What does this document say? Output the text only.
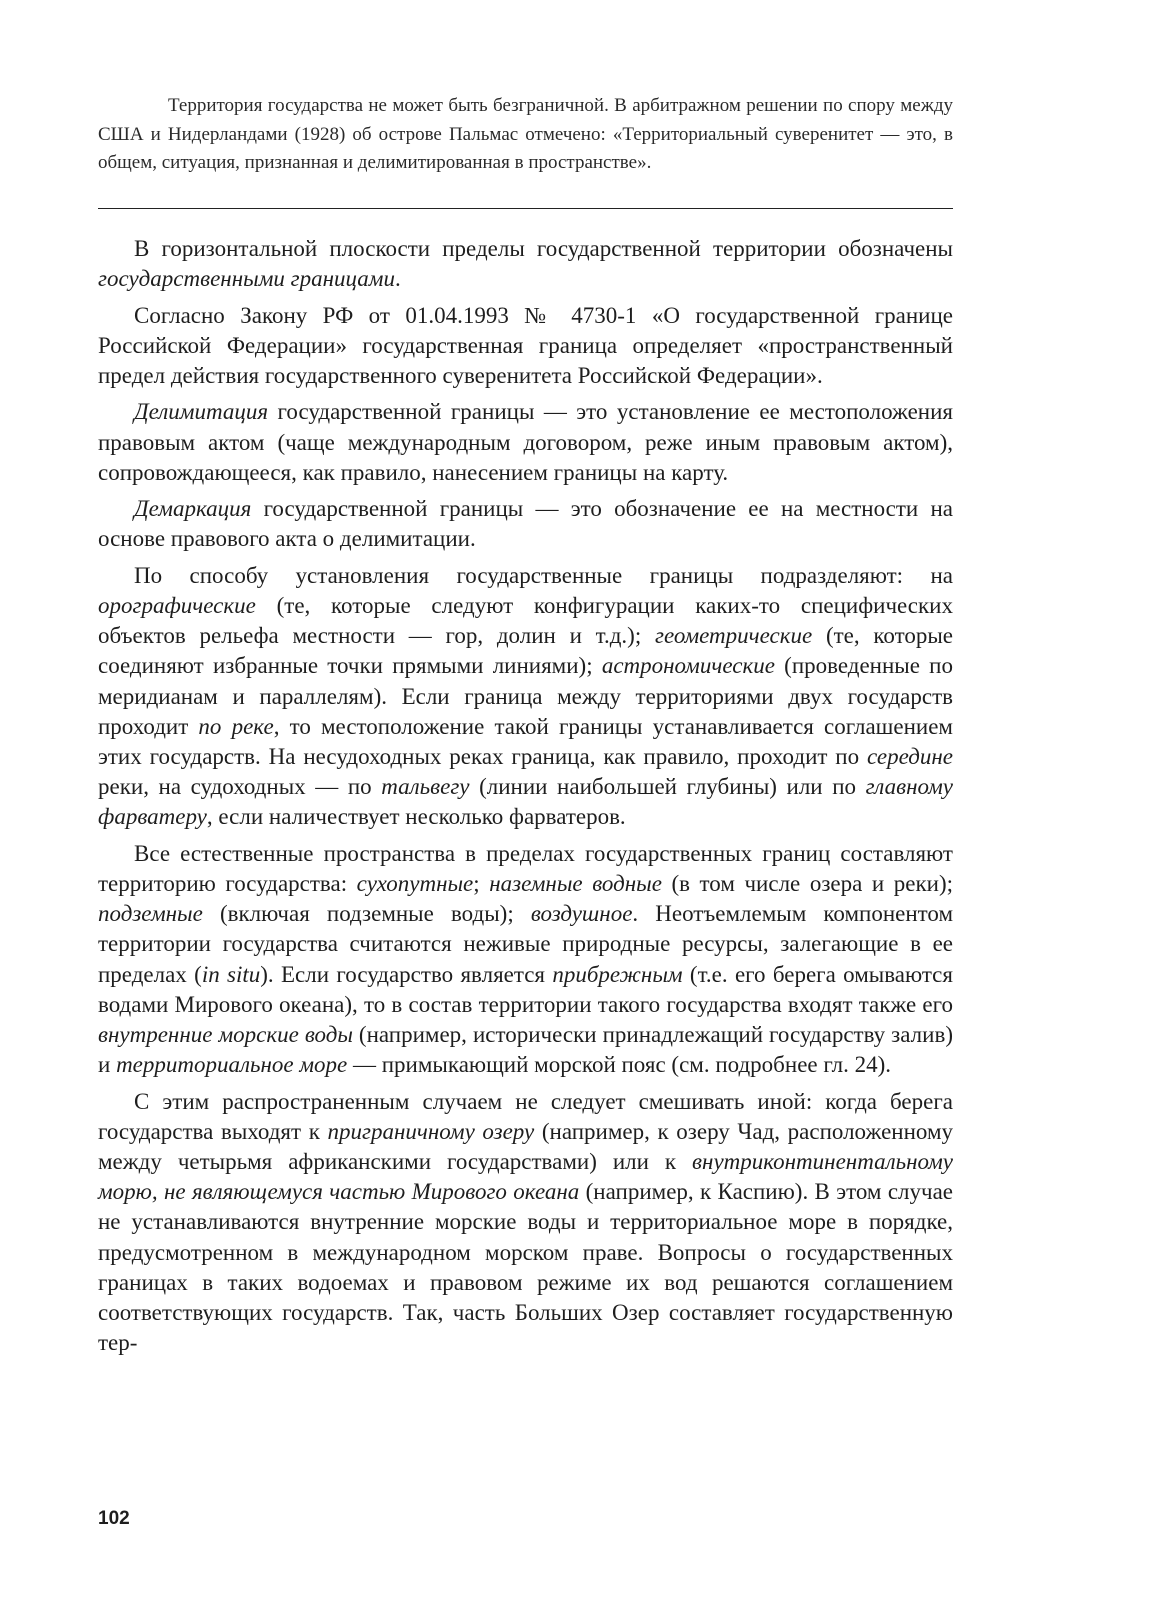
Территория государства не может быть безграничной. В арбитражном решении по спору между США и Нидерландами (1928) об острове Пальмас отмечено: «Территориальный суверенитет — это, в общем, ситуация, признанная и делимитированная в пространстве».

В горизонтальной плоскости пределы государственной территории обозначены государственными границами.

Согласно Закону РФ от 01.04.1993 № 4730-1 «О государственной границе Российской Федерации» государственная граница определяет «пространственный предел действия государственного суверенитета Российской Федерации».

Делимитация государственной границы — это установление ее местоположения правовым актом (чаще международным договором, реже иным правовым актом), сопровождающееся, как правило, нанесением границы на карту.

Демаркация государственной границы — это обозначение ее на местности на основе правового акта о делимитации.

По способу установления государственные границы подразделяют: на орографические (те, которые следуют конфигурации каких-то специфических объектов рельефа местности — гор, долин и т.д.); геометрические (те, которые соединяют избранные точки прямыми линиями); астрономические (проведенные по меридианам и параллелям). Если граница между территориями двух государств проходит по реке, то местоположение такой границы устанавливается соглашением этих государств. На несудоходных реках граница, как правило, проходит по середине реки, на судоходных — по тальвегу (линии наибольшей глубины) или по главному фарватеру, если наличествует несколько фарватеров.

Все естественные пространства в пределах государственных границ составляют территорию государства: сухопутные; наземные водные (в том числе озера и реки); подземные (включая подземные воды); воздушное. Неотъемлемым компонентом территории государства считаются неживые природные ресурсы, залегающие в ее пределах (in situ). Если государство является прибрежным (т.е. его берега омываются водами Мирового океана), то в состав территории такого государства входят также его внутренние морские воды (например, исторически принадлежащий государству залив) и территориальное море — примыкающий морской пояс (см. подробнее гл. 24).

С этим распространенным случаем не следует смешивать иной: когда берега государства выходят к приграничному озеру (например, к озеру Чад, расположенному между четырьмя африканскими государствами) или к внутриконтинентальному морю, не являющемуся частью Мирового океана (например, к Каспию). В этом случае не устанавливаются внутренние морские воды и территориальное море в порядке, предусмотренном в международном морском праве. Вопросы о государственных границах в таких водоемах и правовом режиме их вод решаются соглашением соответствующих государств. Так, часть Больших Озер составляет государственную тер-

102
